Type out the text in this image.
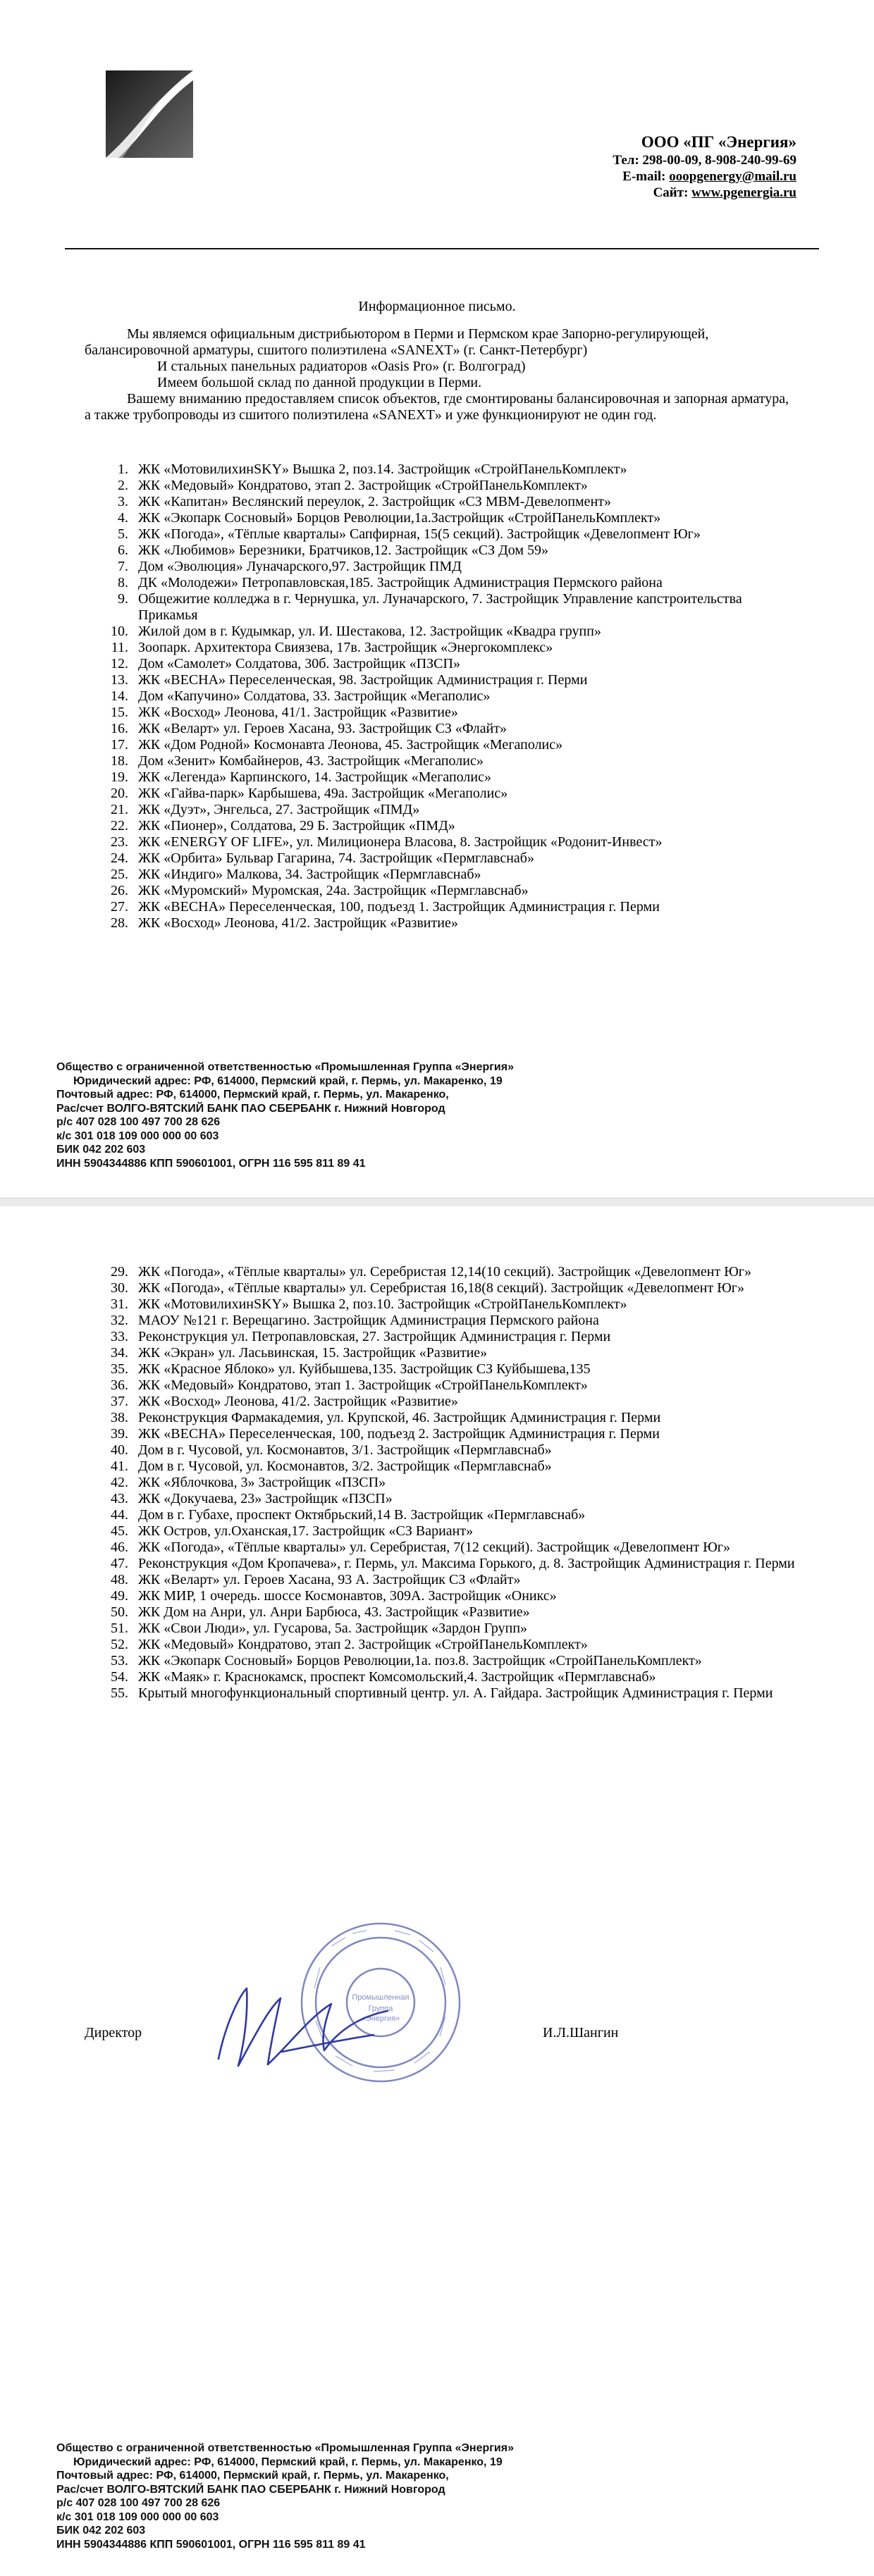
ООО «ПГ «Энергия»
Тел: 298-00-09, 8-908-240-99-69
E-mail: ooopgenergy@mail.ru
Сайт: www.pgenergia.ru
Информационное письмо.

Мы являемся официальным дистрибьютором в Перми и Пермском крае Запорно-регулирующей, балансировочной арматуры, сшитого полиэтилена «SANEXT» (г. Санкт-Петербург)

И стальных панельных радиаторов «Oasis Pro» (г. Волгоград)

Имеем большой склад по данной продукции в Перми.

Вашему вниманию предоставляем список объектов, где смонтированы балансировочная и запорная арматура, а также трубопроводы из сшитого полиэтилена «SANEXT» и уже функционируют не один год.

1. ЖК «МотовилихинSKY» Вышка 2, поз.14. Застройщик «СтройПанельКомплект»
2. ЖК «Медовый» Кондратово, этап 2. Застройщик «СтройПанельКомплект»
3. ЖК «Капитан» Веслянский переулок, 2. Застройщик «СЗ МВМ-Девелопмент»
4. ЖК «Экопарк Сосновый» Борцов Революции,1а.Застройщик «СтройПанельКомплект»
5. ЖК «Погода», «Тёплые кварталы» Сапфирная, 15(5 секций). Застройщик «Девелопмент Юг»
6. ЖК «Любимов» Березники, Братчиков,12. Застройщик «СЗ Дом 59»
7. Дом «Эволюция» Луначарского,97. Застройщик ПМД
8. ДК «Молодежи» Петропавловская,185. Застройщик Администрация Пермского района
9. Общежитие колледжа в г. Чернушка, ул. Луначарского, 7. Застройщик Управление капстроительства Прикамья
10. Жилой дом в г. Кудымкар, ул. И. Шестакова, 12. Застройщик «Квадра групп»
11. Зоопарк. Архитектора Свиязева, 17в. Застройщик «Энергокомплекс»
12. Дом «Самолет» Солдатова, 30б. Застройщик «ПЗСП»
13. ЖК «ВЕСНА» Переселенческая, 98. Застройщик Администрация г. Перми
14. Дом «Капучино» Солдатова, 33. Застройщик «Мегаполис»
15. ЖК «Восход» Леонова, 41/1. Застройщик «Развитие»
16. ЖК «Веларт» ул. Героев Хасана, 93. Застройщик СЗ «Флайт»
17. ЖК «Дом Родной» Космонавта Леонова, 45. Застройщик «Мегаполис»
18. Дом «Зенит» Комбайнеров, 43. Застройщик «Мегаполис»
19. ЖК «Легенда» Карпинского, 14. Застройщик «Мегаполис»
20. ЖК «Гайва-парк» Карбышева, 49а. Застройщик «Мегаполис»
21. ЖК «Дуэт», Энгельса, 27. Застройщик «ПМД»
22. ЖК «Пионер», Солдатова, 29 Б. Застройщик «ПМД»
23. ЖК «ENERGY OF LIFE», ул. Милиционера Власова, 8. Застройщик «Родонит-Инвест»
24. ЖК «Орбита» Бульвар Гагарина, 74. Застройщик «Пермглавснаб»
25. ЖК «Индиго» Малкова, 34. Застройщик «Пермглавснаб»
26. ЖК «Муромский» Муромская, 24а. Застройщик «Пермглавснаб»
27. ЖК «ВЕСНА» Переселенческая, 100, подъезд 1. Застройщик Администрация г. Перми
28. ЖК «Восход» Леонова, 41/2. Застройщик «Развитие»
Общество с ограниченной ответственностью «Промышленная Группа «Энергия»
Юридический адрес: РФ, 614000, Пермский край, г. Пермь, ул. Макаренко, 19
Почтовый адрес: РФ, 614000, Пермский край, г. Пермь, ул. Макаренко,
Рас/счет ВОЛГО-ВЯТСКИЙ БАНК ПАО СБЕРБАНК г. Нижний Новгород
р/с 407 028 100 497 700 28 626
к/с 301 018 109 000 000 00 603
БИК 042 202 603
ИНН 5904344886 КПП 590601001, ОГРН 116 595 811 89 41
29. ЖК «Погода», «Тёплые кварталы» ул. Серебристая 12,14(10 секций). Застройщик «Девелопмент Юг»
30. ЖК «Погода», «Тёплые кварталы» ул. Серебристая 16,18(8 секций). Застройщик «Девелопмент Юг»
31. ЖК «МотовилихинSKY» Вышка 2, поз.10. Застройщик «СтройПанельКомплект»
32. МАОУ №121 г. Верещагино. Застройщик Администрация Пермского района
33. Реконструкция ул. Петропавловская, 27. Застройщик Администрация г. Перми
34. ЖК «Экран» ул. Ласьвинская, 15. Застройщик «Развитие»
35. ЖК «Красное Яблоко» ул. Куйбышева,135. Застройщик СЗ Куйбышева,135
36. ЖК «Медовый» Кондратово, этап 1. Застройщик «СтройПанельКомплект»
37. ЖК «Восход» Леонова, 41/2. Застройщик «Развитие»
38. Реконструкция Фармакадемия, ул. Крупской, 46. Застройщик Администрация г. Перми
39. ЖК «ВЕСНА» Переселенческая, 100, подъезд 2. Застройщик Администрация г. Перми
40. Дом в г. Чусовой, ул. Космонавтов, 3/1. Застройщик «Пермглавснаб»
41. Дом в г. Чусовой, ул. Космонавтов, 3/2. Застройщик «Пермглавснаб»
42. ЖК «Яблочкова, 3» Застройщик «ПЗСП»
43. ЖК «Докучаева, 23» Застройщик «ПЗСП»
44. Дом в г. Губахе, проспект Октябрьский,14 В. Застройщик «Пермглавснаб»
45. ЖК Остров, ул.Оханская,17. Застройщик «СЗ Вариант»
46. ЖК «Погода», «Тёплые кварталы» ул. Серебристая, 7(12 секций). Застройщик «Девелопмент Юг»
47. Реконструкция «Дом Кропачева», г. Пермь, ул. Максима Горького, д. 8. Застройщик Администрация г. Перми
48. ЖК «Веларт» ул. Героев Хасана, 93 А. Застройщик СЗ «Флайт»
49. ЖК МИР, 1 очередь. шоссе Космонавтов, 309А. Застройщик «Оникс»
50. ЖК Дом на Анри, ул. Анри Барбюса, 43. Застройщик «Развитие»
51. ЖК «Свои Люди», ул. Гусарова, 5а. Застройщик «Зардон Групп»
52. ЖК «Медовый» Кондратово, этап 2. Застройщик «СтройПанельКомплект»
53. ЖК «Экопарк Сосновый» Борцов Революции,1а. поз.8. Застройщик «СтройПанельКомплект»
54. ЖК «Маяк» г. Краснокамск, проспект Комсомольский,4. Застройщик «Пермглавснаб»
55. Крытый многофункциональный спортивный центр. ул. А. Гайдара. Застройщик Администрация г. Перми
Директор
Промышленная
Группа
«Энергия»
И.Л.Шангин
Общество с ограниченной ответственностью «Промышленная Группа «Энергия»
Юридический адрес: РФ, 614000, Пермский край, г. Пермь, ул. Макаренко, 19
Почтовый адрес: РФ, 614000, Пермский край, г. Пермь, ул. Макаренко,
Рас/счет ВОЛГО-ВЯТСКИЙ БАНК ПАО СБЕРБАНК г. Нижний Новгород
р/с 407 028 100 497 700 28 626
к/с 301 018 109 000 000 00 603
БИК 042 202 603
ИНН 5904344886 КПП 590601001, ОГРН 116 595 811 89 41
